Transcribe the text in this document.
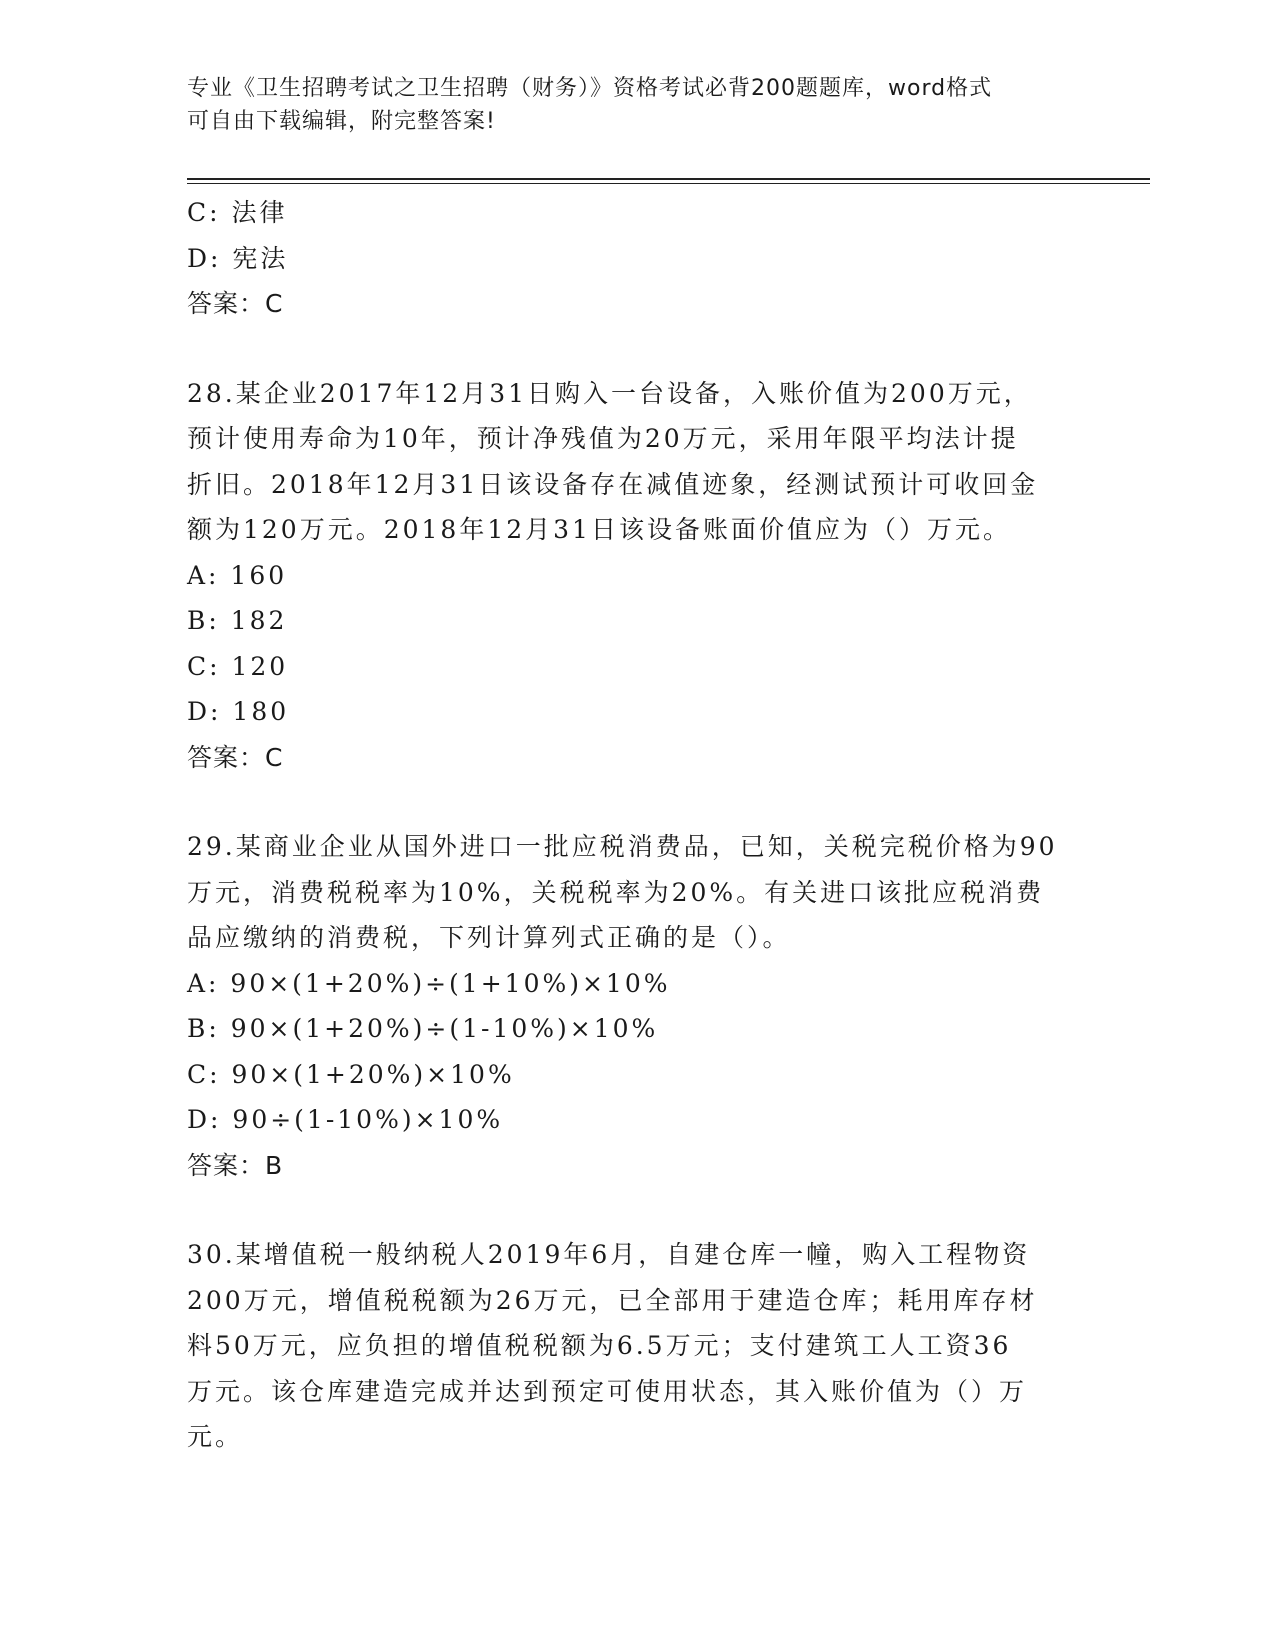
专业《卫生招聘考试之卫生招聘（财务）》资格考试必背200题题库，word格式
可自由下载编辑，附完整答案!
C: 法律
D: 宪法
答案：C
28.某企业2017年12月31日购入一台设备，入账价值为200万元，
预计使用寿命为10年，预计净残值为20万元，采用年限平均法计提
折旧。2018年12月31日该设备存在减值迹象，经测试预计可收回金
额为120万元。2018年12月31日该设备账面价值应为（）万元。
A: 160
B: 182
C: 120
D: 180
答案：C
29.某商业企业从国外进口一批应税消费品，已知，关税完税价格为90
万元，消费税税率为10%，关税税率为20%。有关进口该批应税消费
品应缴纳的消费税，下列计算列式正确的是（）。
A: 90×(1+20%)÷(1+10%)×10%
B: 90×(1+20%)÷(1-10%)×10%
C: 90×(1+20%)×10%
D: 90÷(1-10%)×10%
答案：B
30.某增值税一般纳税人2019年6月，自建仓库一幢，购入工程物资
200万元，增值税税额为26万元，已全部用于建造仓库；耗用库存材
料50万元，应负担的增值税税额为6.5万元；支付建筑工人工资36
万元。该仓库建造完成并达到预定可使用状态，其入账价值为（）万
元。
